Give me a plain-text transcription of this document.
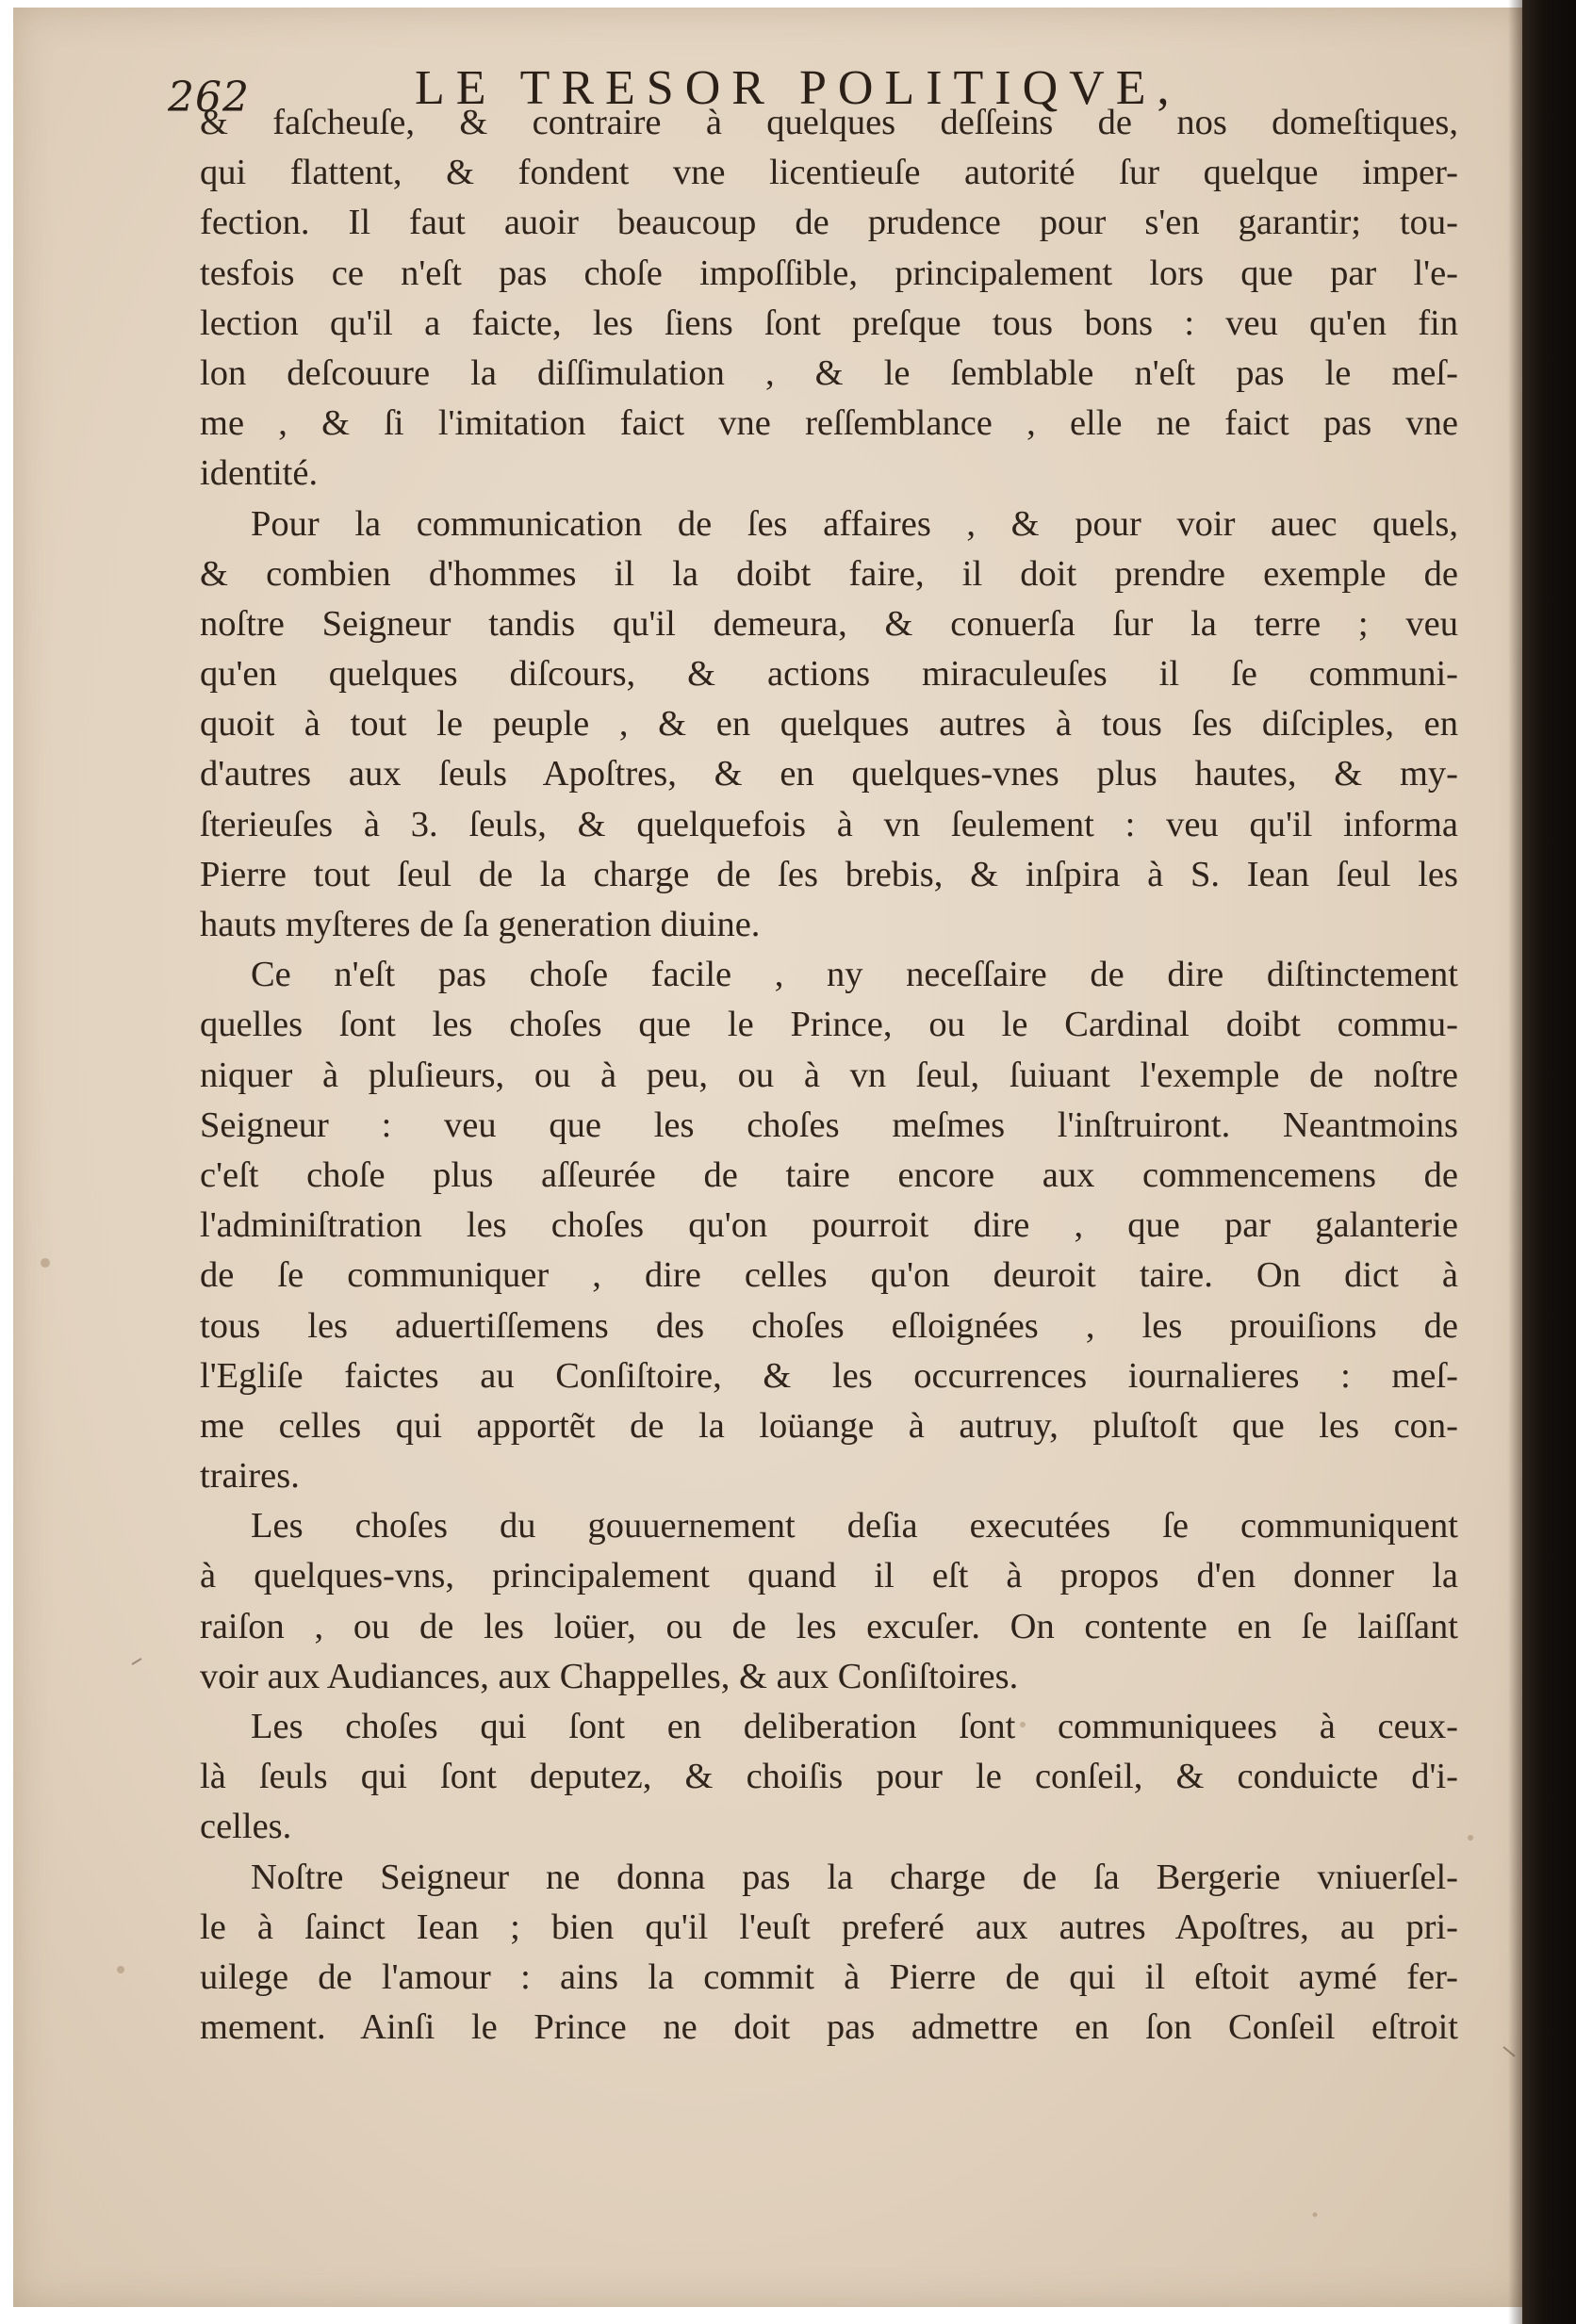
262	LE TRESOR POLITIQVE,
& faſcheuſe, & contraire à quelques deſſeins de nos domeſtiques,
qui flattent, & fondent vne licentieuſe autorité ſur quelque imper-
fection. Il faut auoir beaucoup de prudence pour s'en garantir; tou-
tesfois ce n'eſt pas choſe impoſſible, principalement lors que par l'e-
lection qu'il a faicte, les ſiens ſont preſque tous bons : veu qu'en fin
lon deſcouure la diſſimulation , & le ſemblable n'eſt pas le meſ-
me , & ſi l'imitation faict vne reſſemblance , elle ne faict pas vne
identité.
Pour la communication de ſes affaires , & pour voir auec quels,
& combien d'hommes il la doibt faire, il doit prendre exemple de
noſtre Seigneur tandis qu'il demeura, & conuerſa ſur la terre ; veu
qu'en quelques diſcours, & actions miraculeuſes il ſe communi-
quoit à tout le peuple , & en quelques autres à tous ſes diſciples, en
d'autres aux ſeuls Apoſtres, & en quelques-vnes plus hautes, & my-
ſterieuſes à 3. ſeuls, & quelquefois à vn ſeulement : veu qu'il informa
Pierre tout ſeul de la charge de ſes brebis, & inſpira à S. Iean ſeul les
hauts myſteres de ſa generation diuine.
Ce n'eſt pas choſe facile , ny neceſſaire de dire diſtinctement
quelles ſont les choſes que le Prince, ou le Cardinal doibt commu-
niquer à pluſieurs, ou à peu, ou à vn ſeul, ſuiuant l'exemple de noſtre
Seigneur : veu que les choſes meſmes l'inſtruiront. Neantmoins
c'eſt choſe plus aſſeurée de taire encore aux commencemens de
l'adminiſtration les choſes qu'on pourroit dire , que par galanterie
de ſe communiquer , dire celles qu'on deuroit taire. On dict à
tous les aduertiſſemens des choſes eſloignées , les prouiſions de
l'Egliſe faictes au Conſiſtoire, & les occurrences iournalieres : meſ-
me celles qui apportẽt de la loüange à autruy, pluſtoſt que les con-
traires.
Les choſes du gouuernement deſia executées ſe communiquent
à quelques-vns, principalement quand il eſt à propos d'en donner la
raiſon , ou de les loüer, ou de les excuſer. On contente en ſe laiſſant
voir aux Audiances, aux Chappelles, & aux Conſiſtoires.
Les choſes qui ſont en deliberation ſont communiquees à ceux-
là ſeuls qui ſont deputez, & choiſis pour le conſeil, & conduicte d'i-
celles.
Noſtre Seigneur ne donna pas la charge de ſa Bergerie vniuerſel-
le à ſainct Iean ; bien qu'il l'euſt preferé aux autres Apoſtres, au pri-
uilege de l'amour : ains la commit à Pierre de qui il eſtoit aymé fer-
mement. Ainſi le Prince ne doit pas admettre en ſon Conſeil eſtroit
